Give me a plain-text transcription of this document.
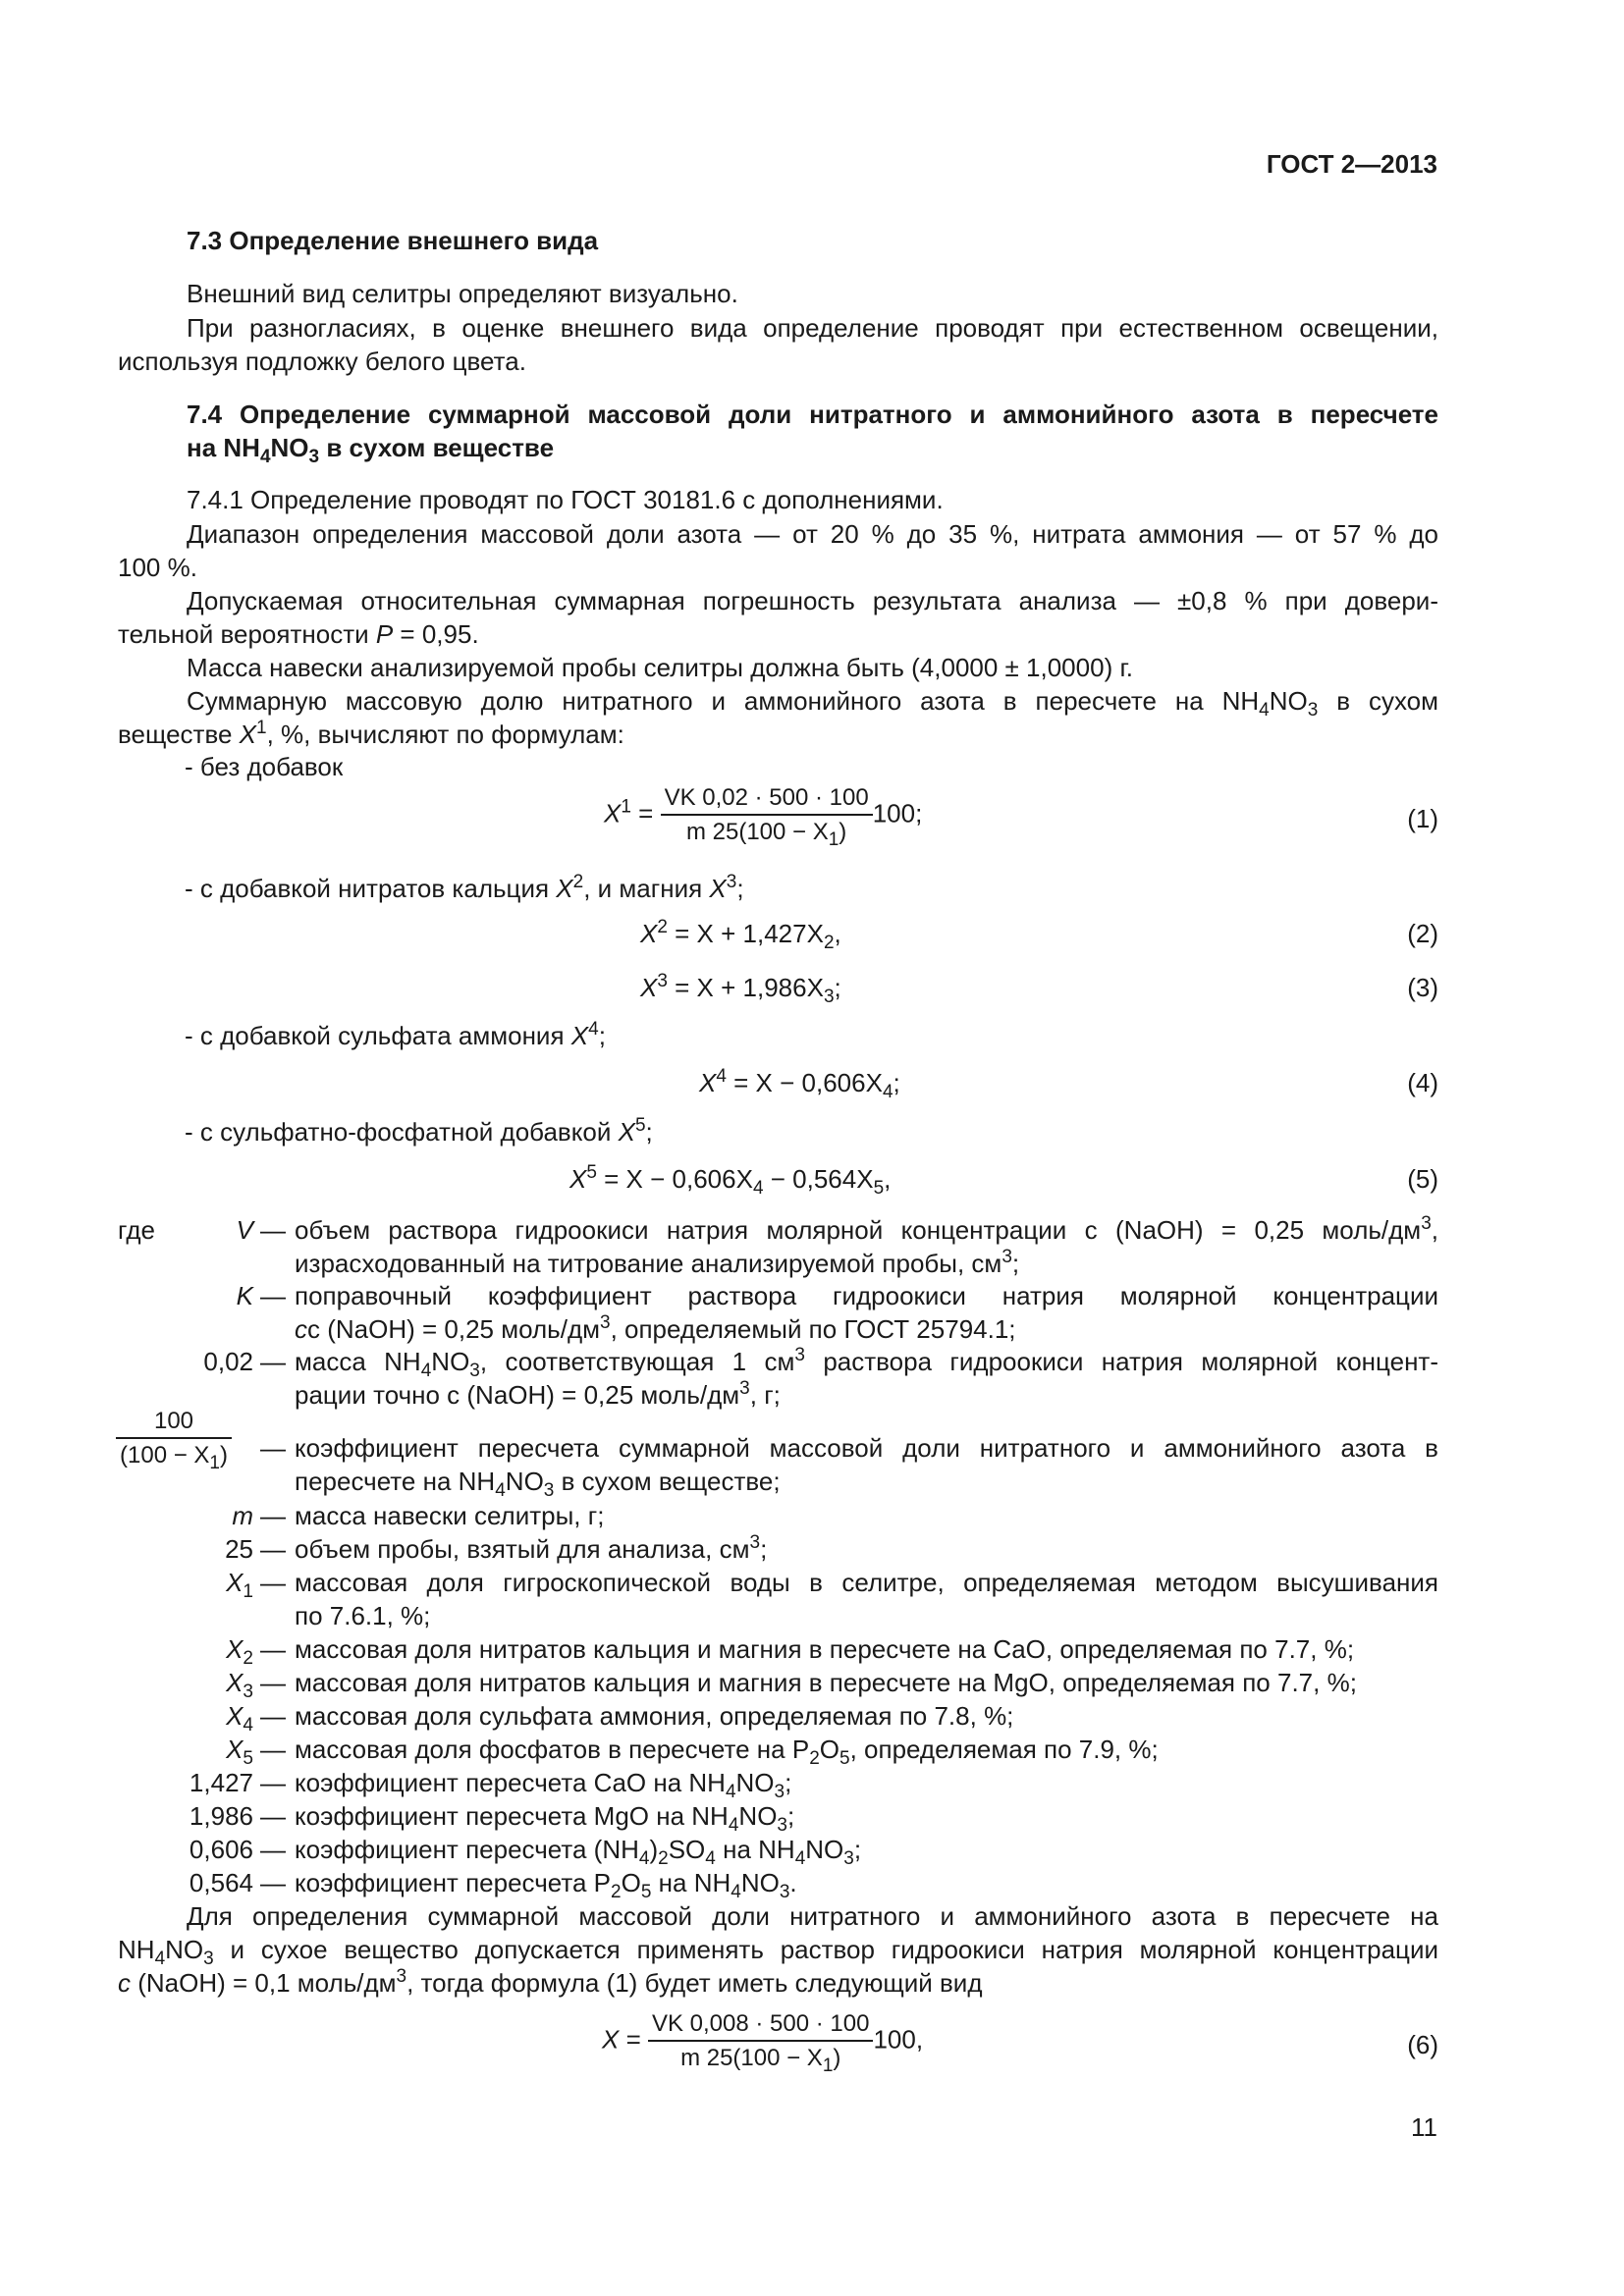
ГОСТ 2—2013
7.3 Определение внешнего вида
Внешний вид селитры определяют визуально.
При разногласиях, в оценке внешнего вида определение проводят при естественном освещении,
используя подложку белого цвета.
7.4 Определение суммарной массовой доли нитратного и аммонийного азота в пересчете
на $NH_4NO_3$ в сухом веществе
7.4.1 Определение проводят по ГОСТ 30181.6 с дополнениями.
Диапазон определения массовой доли азота — от 20 % до 35 %, нитрата аммония — от 57 % до
100 %.
Допускаемая относительная суммарная погрешность результата анализа — ±0,8 % при довери-
тельной вероятности P = 0,95.
Масса навески анализируемой пробы селитры должна быть (4,0000 ± 1,0000) г.
Суммарную массовую долю нитратного и аммонийного азота в пересчете на $NH_4NO_3$ в сухом
веществе $X^1$, %, вычисляют по формулам:
- без добавок
$X^1 = \frac{VK 0,02 \cdot 500 \cdot 100}{m 25(100 - X_1)} 100$;	(1)
- с добавкой нитратов кальция $X^2$, и магния $X^3$;
$X^2 = X + 1,427X_2$,	(2)
$X^3 = X + 1,986X_3$;	(3)
- с добавкой сульфата аммония $X^4$;
$X^4 = X - 0,606X_4$;	(4)
- с сульфатно-фосфатной добавкой $X^5$;
$X^5 = X - 0,606X_4 - 0,564X_5$,	(5)
где	V — объем раствора гидроокиси натрия молярной концентрации с (NaOH) = 0,25 моль/$дм^3$,
израсходованный на титрование анализируемой пробы, $см^3$;
K — поправочный коэффициент раствора гидроокиси натрия молярной концентрации
сс (NaOH) = 0,25 моль/$дм^3$, определяемый по ГОСТ 25794.1;
0,02 — масса $NH_4NO_3$, соответствующая 1 $см^3$ раствора гидроокиси натрия молярной концент-
рации точно с (NaOH) = 0,25 моль/$дм^3$, г;
$\frac{100}{(100 - X_1)}$ — коэффициент пересчета суммарной массовой доли нитратного и аммонийного азота в
пересчете на $NH_4NO_3$ в сухом веществе;
m — масса навески селитры, г;
25 — объем пробы, взятый для анализа, $см^3$;
$X_1$ — массовая доля гигроскопической воды в селитре, определяемая методом высушивания
по 7.6.1, %;
$X_2$ — массовая доля нитратов кальция и магния в пересчете на CaO, определяемая по 7.7, %;
$X_3$ — массовая доля нитратов кальция и магния в пересчете на MgO, определяемая по 7.7, %;
$X_4$ — массовая доля сульфата аммония, определяемая по 7.8, %;
$X_5$ — массовая доля фосфатов в пересчете на $P_2O_5$, определяемая по 7.9, %;
1,427 — коэффициент пересчета CaO на $NH_4NO_3$;
1,986 — коэффициент пересчета MgO на $NH_4NO_3$;
0,606 — коэффициент пересчета $(NH_4)_2SO_4$ на $NH_4NO_3$;
0,564 — коэффициент пересчета $P_2O_5$ на $NH_4NO_3$.
Для определения суммарной массовой доли нитратного и аммонийного азота в пересчете на
$NH_4NO_3$ и сухое вещество допускается применять раствор гидроокиси натрия молярной концентрации
c (NaOH) = 0,1 моль/$дм^3$, тогда формула (1) будет иметь следующий вид
$X = \frac{VK 0,008 \cdot 500 \cdot 100}{m 25(100 - X_1)} 100$,	(6)
11
